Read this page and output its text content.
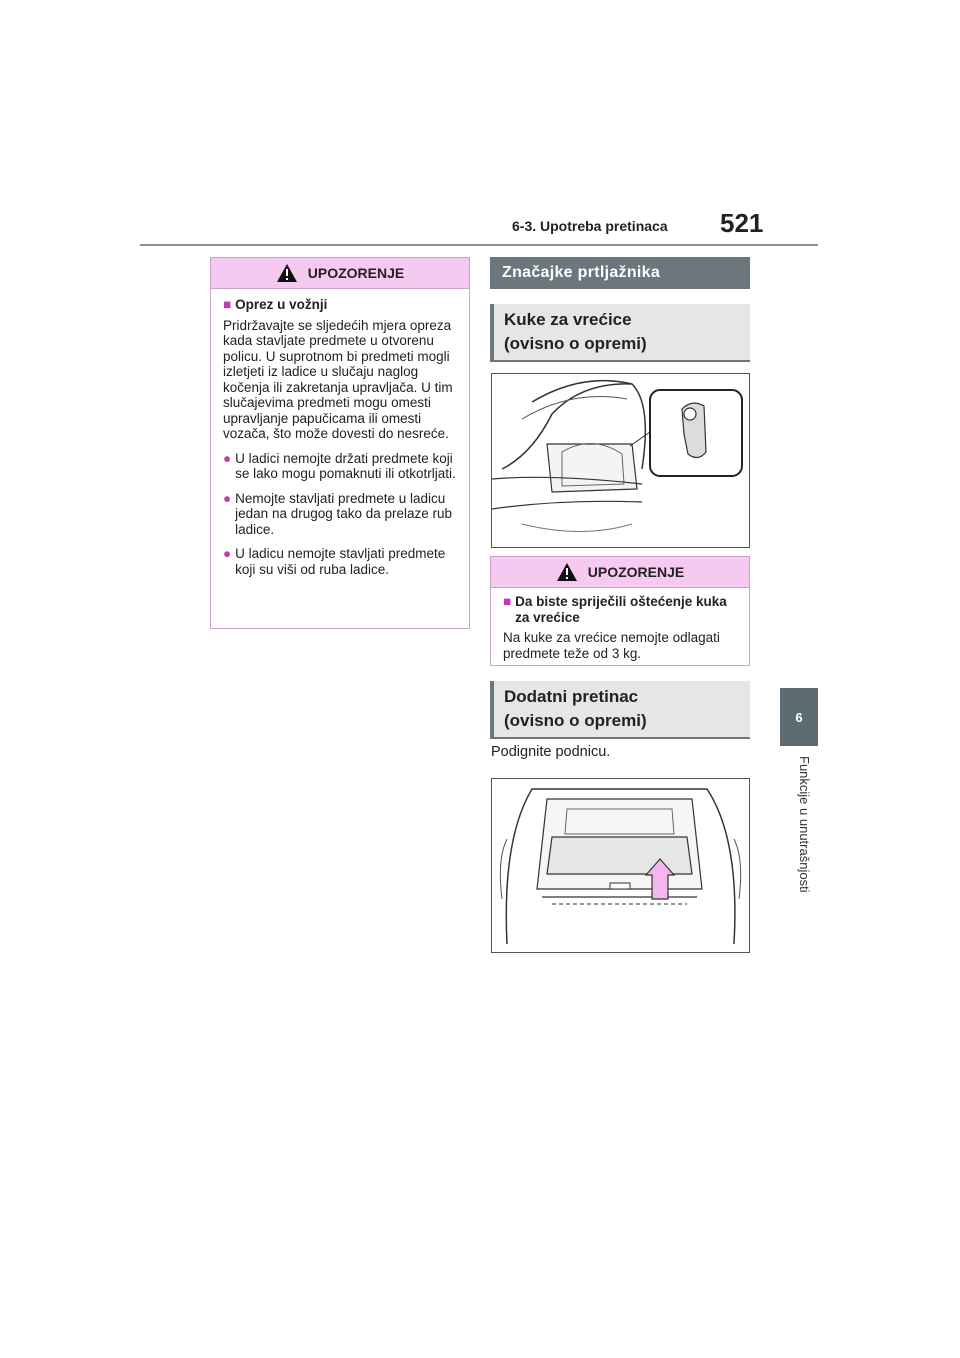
6-3. Upotreba pretinaca 521
6
Funkcije u unutrašnjosti
UPOZORENJE
■ Oprez u vožnji

Pridržavajte se sljedećih mjera opreza kada stavljate predmete u otvorenu policu. U suprotnom bi predmeti mogli izletjeti iz ladice u slučaju naglog kočenja ili zakretanja upravljača. U tim slučajevima predmeti mogu omesti upravljanje papučicama ili omesti vozača, što može dovesti do nesreće.

● U ladici nemojte držati predmete koji se lako mogu pomaknuti ili otkotrljati.
● Nemojte stavljati predmete u ladicu jedan na drugog tako da prelaze rub ladice.
● U ladicu nemojte stavljati predmete koji su viši od ruba ladice.
Značajke prtljažnika
Kuke za vrećice
(ovisno o opremi)
UPOZORENJE
■ Da biste spriječili oštećenje kuka za vrećice

Na kuke za vrećice nemojte odlagati predmete teže od 3 kg.

Dodatni pretinac
(ovisno o opremi)
Podignite podnicu.
